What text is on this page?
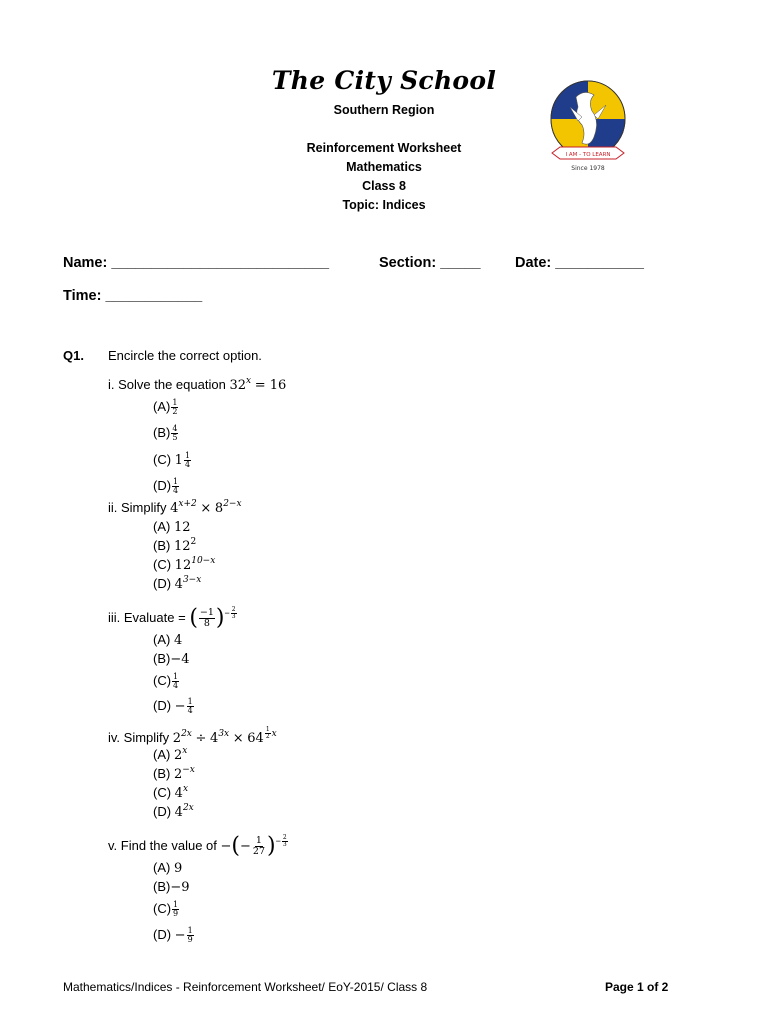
The City School
Southern Region
Reinforcement Worksheet
Mathematics
Class 8
Topic: Indices
I AM - TO LEARN
Since 1978
Name: ___________________________	Section: _____ Date: ___________
Time: ____________
Q1. Encircle the correct option.
i. Solve the equation $32^x = 16$
$(A) \frac{1}{2}$
$(B) \frac{4}{5}$
(C) $1 \frac{1}{4}$
$(D) \frac{1}{4}$
ii. Simplify $4^{x+2} \times 8^{2-x}$
(A) 12
(B) $12^2$
(C) $12^{10-x}$
(D) $4^{3-x}$
iii. Evaluate = ( $\frac{-1}{8} )^{- \frac{2}{3}}$
(A) 4
(B)−4
$(C) \frac{1}{4}$
$(D) - \frac{1}{4}$
iv. Simplify $2^{2x} \div 4^{3x} \times 64$ $^{\frac{1}{2} x}$
(A) 2$^x$
(B) $2^{-x}$
(C) 4$^x$
(D) $4^{2x}$
v. Find the value of −(− $\frac{1}{27} )^{- \frac{2}{3}}$
(A) 9
(B)−9
$(C) \frac{1}{9}$
$(D) - \frac{1}{9}$
Mathematics/Indices - Reinforcement Worksheet/ EoY-2015/ Class 8	Page 1 of 2
